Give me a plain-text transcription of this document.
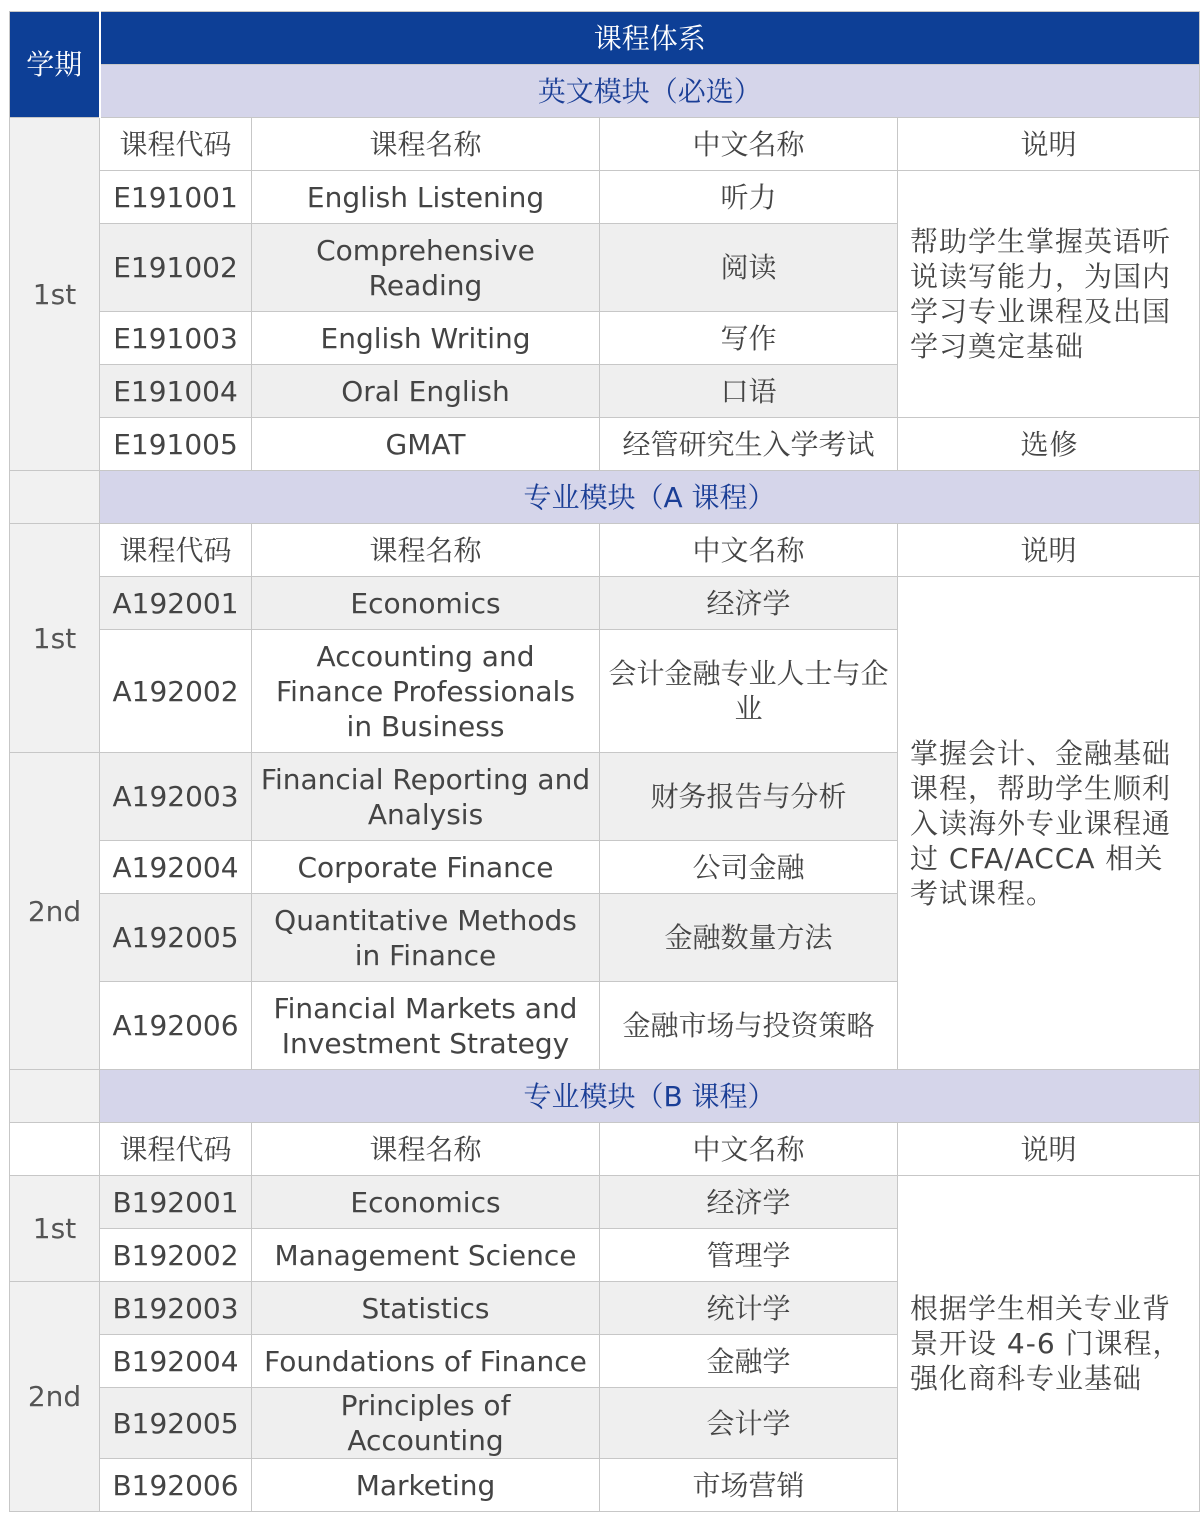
学期	课程体系			
	英文模块（必选）			
1st	课程代码	课程名称	中文名称	说明
	E191001	English Listening	听力	帮助学生掌握英语听说读写能力，为国内学习专业课程及出国学习奠定基础
	E191002	Comprehensive Reading	阅读	
	E191003	English Writing	写作	
	E191004	Oral English	口语	
	E191005	GMAT	经管研究生入学考试	选修
	专业模块（A 课程）			
1st	课程代码	课程名称	中文名称	说明
	A192001	Economics	经济学	掌握会计、金融基础课程，帮助学生顺利入读海外专业课程通过 CFA/ACCA 相关考试课程。
	A192002	Accounting and Finance Professionals in Business	会计金融专业人士与企业	
2nd	A192003	Financial Reporting and Analysis	财务报告与分析	
	A192004	Corporate Finance	公司金融	
	A192005	Quantitative Methods in Finance	金融数量方法	
	A192006	Financial Markets and Investment Strategy	金融市场与投资策略	
	专业模块（B 课程）			
	课程代码	课程名称	中文名称	说明
1st	B192001	Economics	经济学	根据学生相关专业背景开设 4-6 门课程，强化商科专业基础
	B192002	Management Science	管理学	
2nd	B192003	Statistics	统计学	
	B192004	Foundations of Finance	金融学	
	B192005	Principles of Accounting	会计学	
	B192006	Marketing	市场营销	
